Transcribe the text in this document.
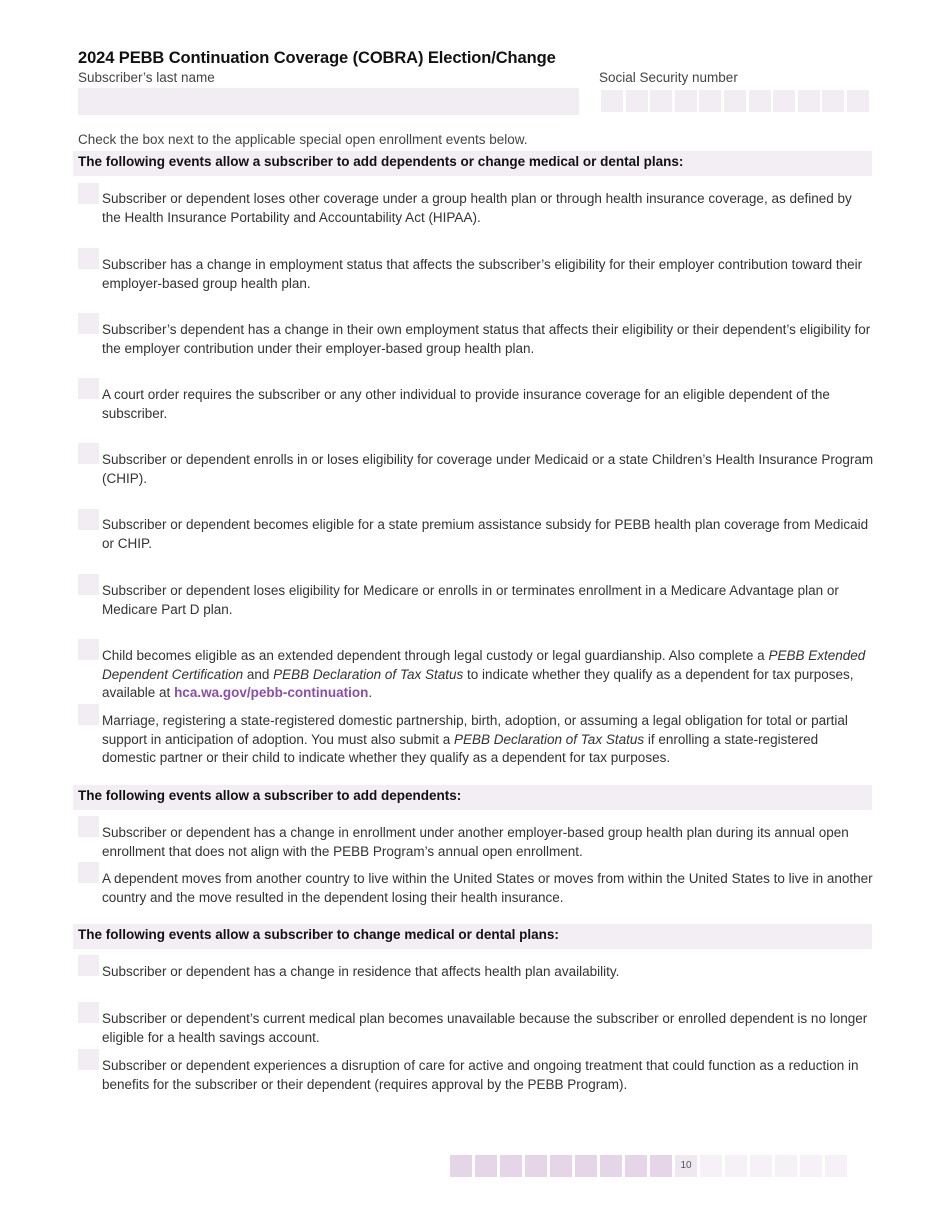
2024 PEBB Continuation Coverage (COBRA) Election/Change
Subscriber’s last name	Social Security number
Check the box next to the applicable special open enrollment events below.
The following events allow a subscriber to add dependents or change medical or dental plans:
Subscriber or dependent loses other coverage under a group health plan or through health insurance coverage, as defined by the Health Insurance Portability and Accountability Act (HIPAA).
Subscriber has a change in employment status that affects the subscriber’s eligibility for their employer contribution toward their employer-based group health plan.
Subscriber’s dependent has a change in their own employment status that affects their eligibility or their dependent’s eligibility for the employer contribution under their employer-based group health plan.
A court order requires the subscriber or any other individual to provide insurance coverage for an eligible dependent of the subscriber.
Subscriber or dependent enrolls in or loses eligibility for coverage under Medicaid or a state Children’s Health Insurance Program (CHIP).
Subscriber or dependent becomes eligible for a state premium assistance subsidy for PEBB health plan coverage from Medicaid or CHIP.
Subscriber or dependent loses eligibility for Medicare or enrolls in or terminates enrollment in a Medicare Advantage plan or Medicare Part D plan.
Child becomes eligible as an extended dependent through legal custody or legal guardianship. Also complete a PEBB Extended Dependent Certification and PEBB Declaration of Tax Status to indicate whether they qualify as a dependent for tax purposes, available at hca.wa.gov/pebb-continuation.
Marriage, registering a state-registered domestic partnership, birth, adoption, or assuming a legal obligation for total or partial support in anticipation of adoption. You must also submit a PEBB Declaration of Tax Status if enrolling a state-registered domestic partner or their child to indicate whether they qualify as a dependent for tax purposes.
The following events allow a subscriber to add dependents:
Subscriber or dependent has a change in enrollment under another employer-based group health plan during its annual open enrollment that does not align with the PEBB Program’s annual open enrollment.
A dependent moves from another country to live within the United States or moves from within the United States to live in another country and the move resulted in the dependent losing their health insurance.
The following events allow a subscriber to change medical or dental plans:
Subscriber or dependent has a change in residence that affects health plan availability.
Subscriber or dependent’s current medical plan becomes unavailable because the subscriber or enrolled dependent is no longer eligible for a health savings account.
Subscriber or dependent experiences a disruption of care for active and ongoing treatment that could function as a reduction in benefits for the subscriber or their dependent (requires approval by the PEBB Program).
10
